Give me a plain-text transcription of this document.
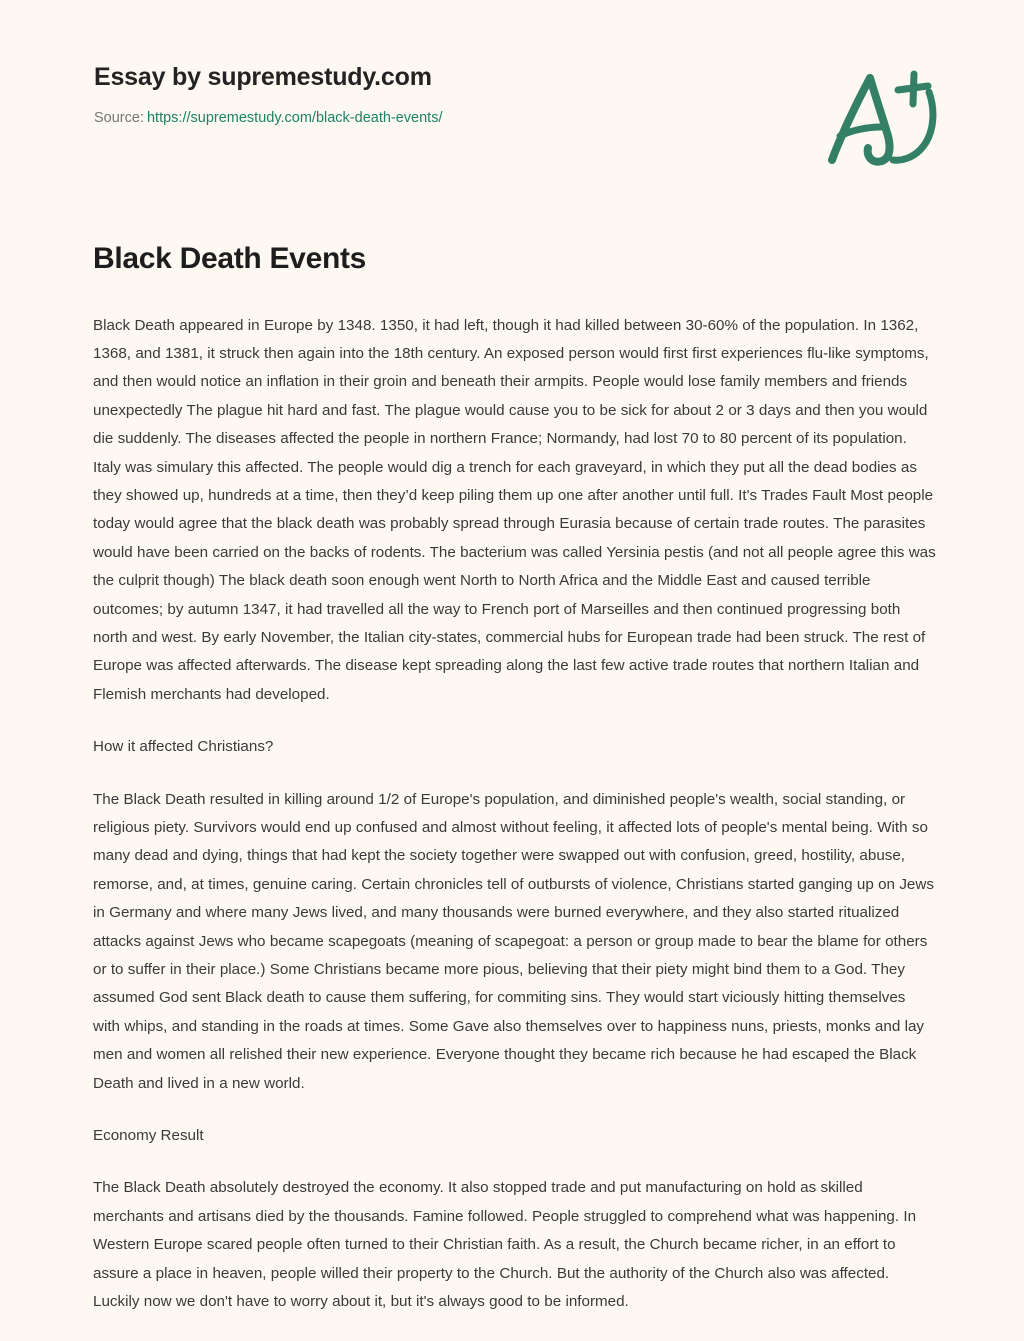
Essay by supremestudy.com
Source: https://supremestudy.com/black-death-events/
Black Death Events

Black Death appeared in Europe by 1348. 1350, it had left, though it had killed between 30-60% of the population. In 1362, 1368, and 1381, it struck then again into the 18th century. An exposed person would first first experiences flu-like symptoms, and then would notice an inflation in their groin and beneath their armpits. People would lose family members and friends unexpectedly The plague hit hard and fast. The plague would cause you to be sick for about 2 or 3 days and then you would die suddenly. The diseases affected the people in northern France; Normandy, had lost 70 to 80 percent of its population. Italy was simulary this affected. The people would dig a trench for each graveyard, in which they put all the dead bodies as they showed up, hundreds at a time, then they’d keep piling them up one after another until full. It's Trades Fault Most people today would agree that the black death was probably spread through Eurasia because of certain trade routes. The parasites would have been carried on the backs of rodents. The bacterium was called Yersinia pestis (and not all people agree this was the culprit though) The black death soon enough went North to North Africa and the Middle East and caused terrible outcomes; by autumn 1347, it had travelled all the way to French port of Marseilles and then continued progressing both north and west. By early November, the Italian city-states, commercial hubs for European trade had been struck. The rest of Europe was affected afterwards. The disease kept spreading along the last few active trade routes that northern Italian and Flemish merchants had developed.

How it affected Christians?

The Black Death resulted in killing around 1/2 of Europe's population, and diminished people's wealth, social standing, or religious piety. Survivors would end up confused and almost without feeling, it affected lots of people's mental being. With so many dead and dying, things that had kept the society together were swapped out with confusion, greed, hostility, abuse, remorse, and, at times, genuine caring. Certain chronicles tell of outbursts of violence, Christians started ganging up on Jews in Germany and where many Jews lived, and many thousands were burned everywhere, and they also started ritualized attacks against Jews who became scapegoats (meaning of scapegoat: a person or group made to bear the blame for others or to suffer in their place.) Some Christians became more pious, believing that their piety might bind them to a God. They assumed God sent Black death to cause them suffering, for commiting sins. They would start viciously hitting themselves with whips, and standing in the roads at times. Some Gave also themselves over to happiness nuns, priests, monks and lay men and women all relished their new experience. Everyone thought they became rich because he had escaped the Black Death and lived in a new world.

Economy Result

The Black Death absolutely destroyed the economy. It also stopped trade and put manufacturing on hold as skilled merchants and artisans died by the thousands. Famine followed. People struggled to comprehend what was happening. In Western Europe scared people often turned to their Christian faith. As a result, the Church became richer, in an effort to assure a place in heaven, people willed their property to the Church. But the authority of the Church also was affected. Luckily now we don't have to worry about it, but it's always good to be informed.
